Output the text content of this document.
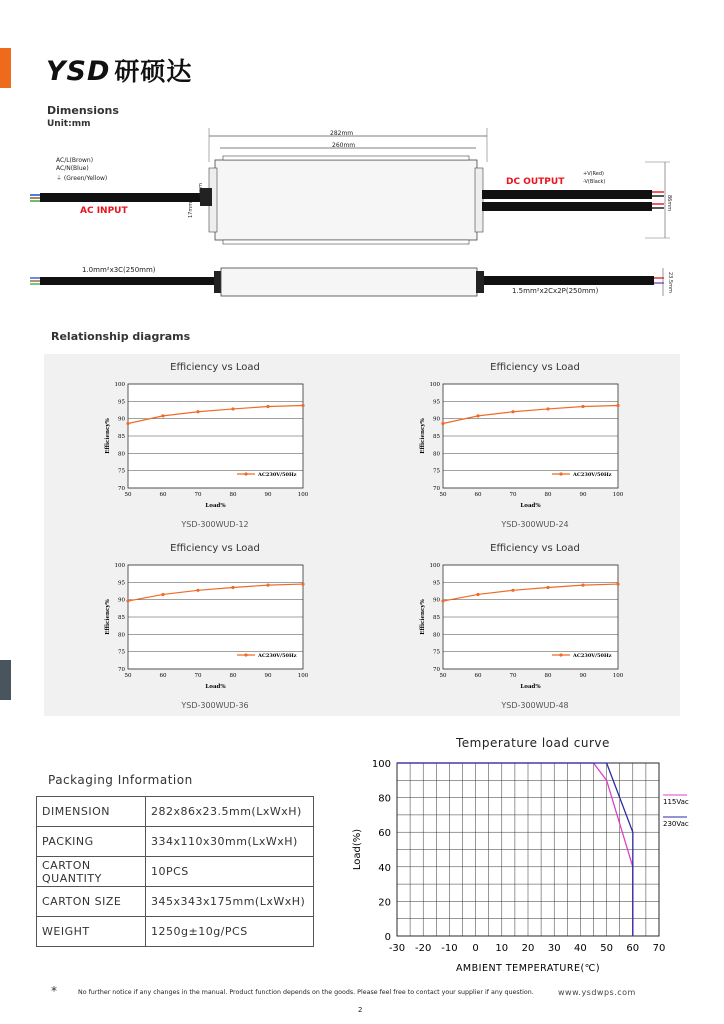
YSD 研硕达
Dimensions
Unit:mm
282mm
260mm
AC/L(Brown)
AC/N(Blue)
⏚ (Green/Yellow)
AC INPUT
DC OUTPUT
+V(Red)
-V(Black)
86mm
5mm
17mm
23.5mm
1.0mm²x3C(250mm)
1.5mm²x2Cx2P(250mm)
Relationship diagrams
Efficiency vs Load	Efficiency vs Load
Efficiency vs Load	Efficiency vs Load
100
95
90
85
80
75
70
50	60	70	80	90	100
Load%
Efficiency%
AC230V/50Hz
100
95
90
85
80
75
70
50	60	70	80	90	100
Load%
Efficiency%
AC230V/50Hz
100
95
90
85
80
75
70
50	60	70	80	90	100
Load%
Efficiency%
AC230V/50Hz
100
95
90
85
80
75
70
50	60	70	80	90	100
Load%
Efficiency%
AC230V/50Hz
YSD-300WUD-12	YSD-300WUD-24
YSD-300WUD-36	YSD-300WUD-48
Packaging Information
DIMENSION	282x86x23.5mm(LxWxH)
PACKING	334x110x30mm(LxWxH)
CARTON QUANTITY	10PCS
CARTON SIZE	345x343x175mm(LxWxH)
WEIGHT	1250g±10g/PCS
Temperature load curve
-30 -20 -10 0 10 20 30 40 50 60 70
100
80
60
40
20
0
AMBIENT TEMPERATURE(℃)
Load(%)
115Vac
230Vac
*	No further notice if any changes in the manual. Product function depends on the goods. Please feel free to contact your supplier if any question.	www.ysdwps.com
2
